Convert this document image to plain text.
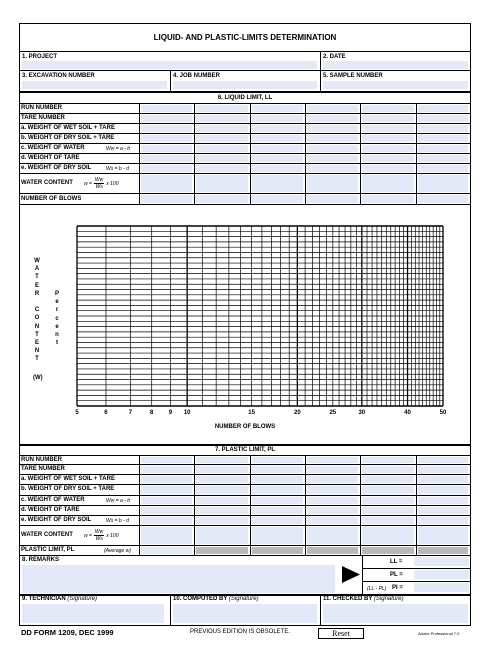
LIQUID- AND PLASTIC-LIMITS DETERMINATION
1. PROJECT	2. DATE
3. EXCAVATION NUMBER	4. JOB NUMBER	5. SAMPLE NUMBER
6. LIQUID LIMIT, LL
RUN NUMBER
TARE NUMBER
a. WEIGHT OF WET SOIL + TARE
b. WEIGHT OF DRY SOIL + TARE
c. WEIGHT OF WATER	Ww = a - b
d. WEIGHT OF TARE
e. WEIGHT OF DRY SOIL	Ws = b - d
WATER CONTENT $w = \frac{Ww}{Ws}$ x 100
NUMBER OF BLOWS
W
A
T
E
R

C
O
N
T
E
N
T
P
e
r
c
e
n
t
(W)
5	6	7	8	9 10	15	20	25	30	40	50
NUMBER OF BLOWS
7. PLASTIC LIMIT, PL
RUN NUMBER
TARE NUMBER
a. WEIGHT OF WET SOIL + TARE
b. WEIGHT OF DRY SOIL + TARE
c. WEIGHT OF WATER	Ww = a - b
d. WEIGHT OF TARE
e. WEIGHT OF DRY SOIL	Ws = b - d
WATER CONTENT $w = \frac{Ww}{Ws}$ x 100
PLASTIC LIMIT, PL	(Average w)
8. REMARKS	LL =
PL =
(LL - PL) PI =
9. TECHNICIAN (Signature)	10. COMPUTED BY (Signature)	11. CHECKED BY (Signature)
DD FORM 1209, DEC 1999	PREVIOUS EDITION IS OBSOLETE.	Reset	Adobe Professional 7.0
